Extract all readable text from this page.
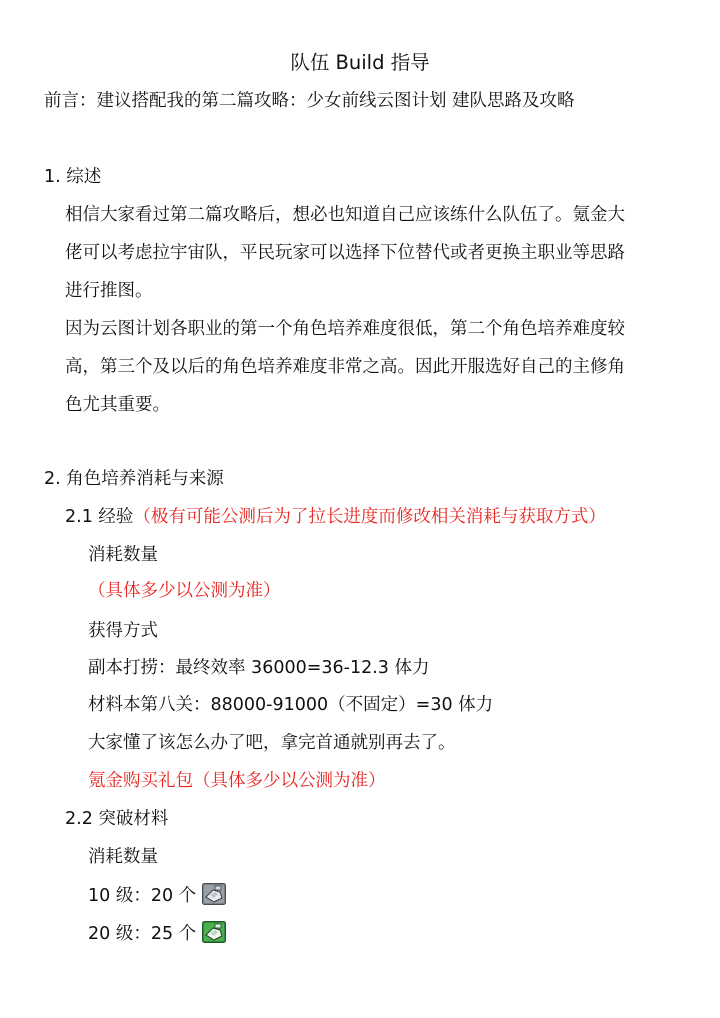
队伍 Build 指导
前言：建议搭配我的第二篇攻略：少女前线云图计划 建队思路及攻略
1. 综述
相信大家看过第二篇攻略后，想必也知道自己应该练什么队伍了。氪金大
佬可以考虑拉宇宙队，平民玩家可以选择下位替代或者更换主职业等思路
进行推图。
因为云图计划各职业的第一个角色培养难度很低，第二个角色培养难度较
高，第三个及以后的角色培养难度非常之高。因此开服选好自己的主修角
色尤其重要。
2. 角色培养消耗与来源
2.1 经验（极有可能公测后为了拉长进度而修改相关消耗与获取方式）
消耗数量
（具体多少以公测为准）
获得方式
副本打捞：最终效率 36000=36-12.3 体力
材料本第八关：88000-91000（不固定）=30 体力
大家懂了该怎么办了吧，拿完首通就别再去了。
氪金购买礼包（具体多少以公测为准）
2.2 突破材料
消耗数量
10 级：20 个
20 级：25 个
